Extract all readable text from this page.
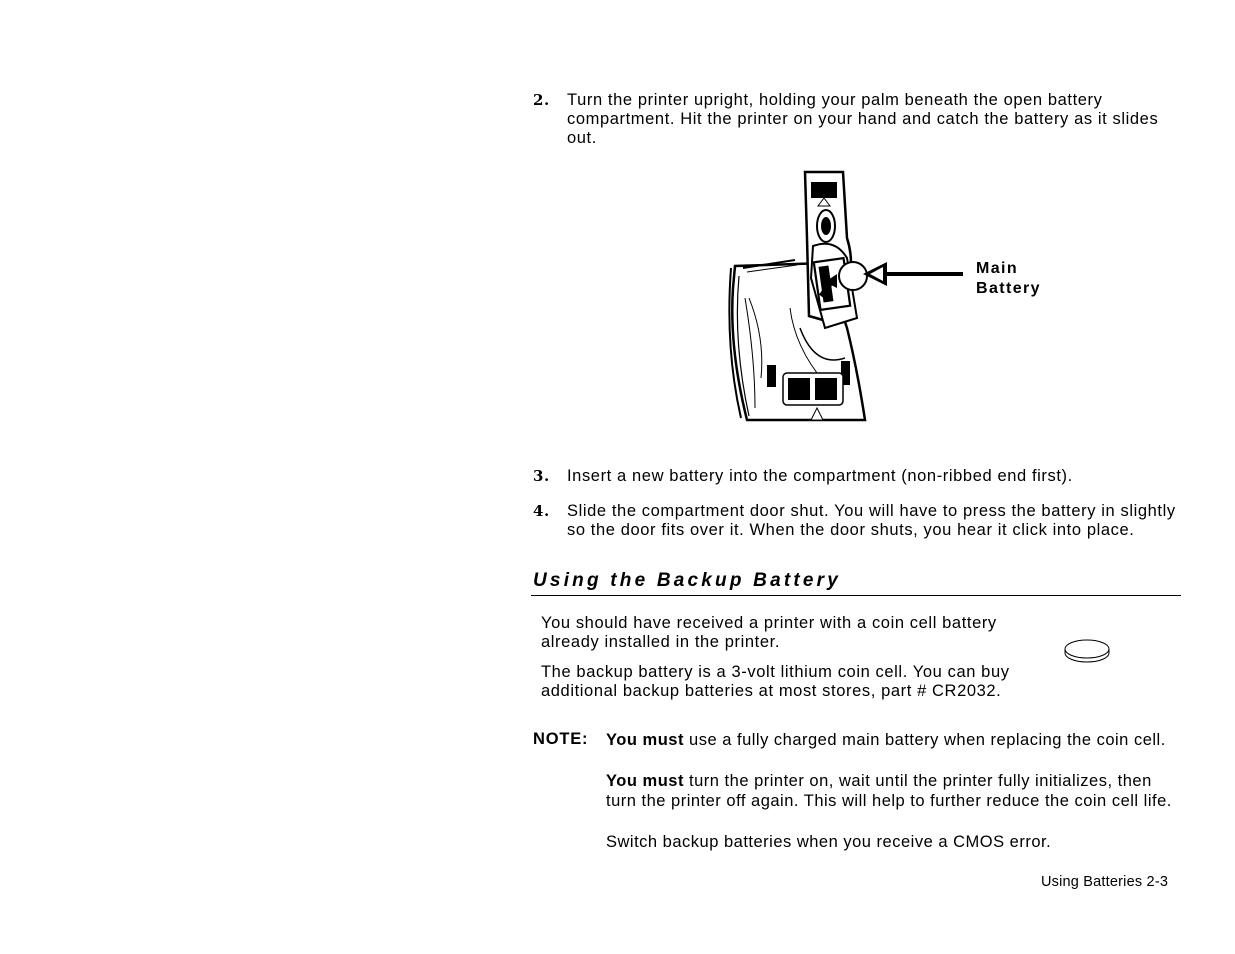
2. Turn the printer upright, holding your palm beneath the open battery compartment. Hit the printer on your hand and catch the battery as it slides out.
Main
Battery
3. Insert a new battery into the compartment (non-ribbed end first).
4. Slide the compartment door shut. You will have to press the battery in slightly so the door fits over it. When the door shuts, you hear it click into place.
Using the Backup Battery
You should have received a printer with a coin cell battery already installed in the printer.
The backup battery is a 3-volt lithium coin cell. You can buy additional backup batteries at most stores, part # CR2032.
NOTE: You must use a fully charged main battery when replacing the coin cell.
You must turn the printer on, wait until the printer fully initializes, then turn the printer off again. This will help to further reduce the coin cell life.
Switch backup batteries when you receive a CMOS error.
Using Batteries 2-3
